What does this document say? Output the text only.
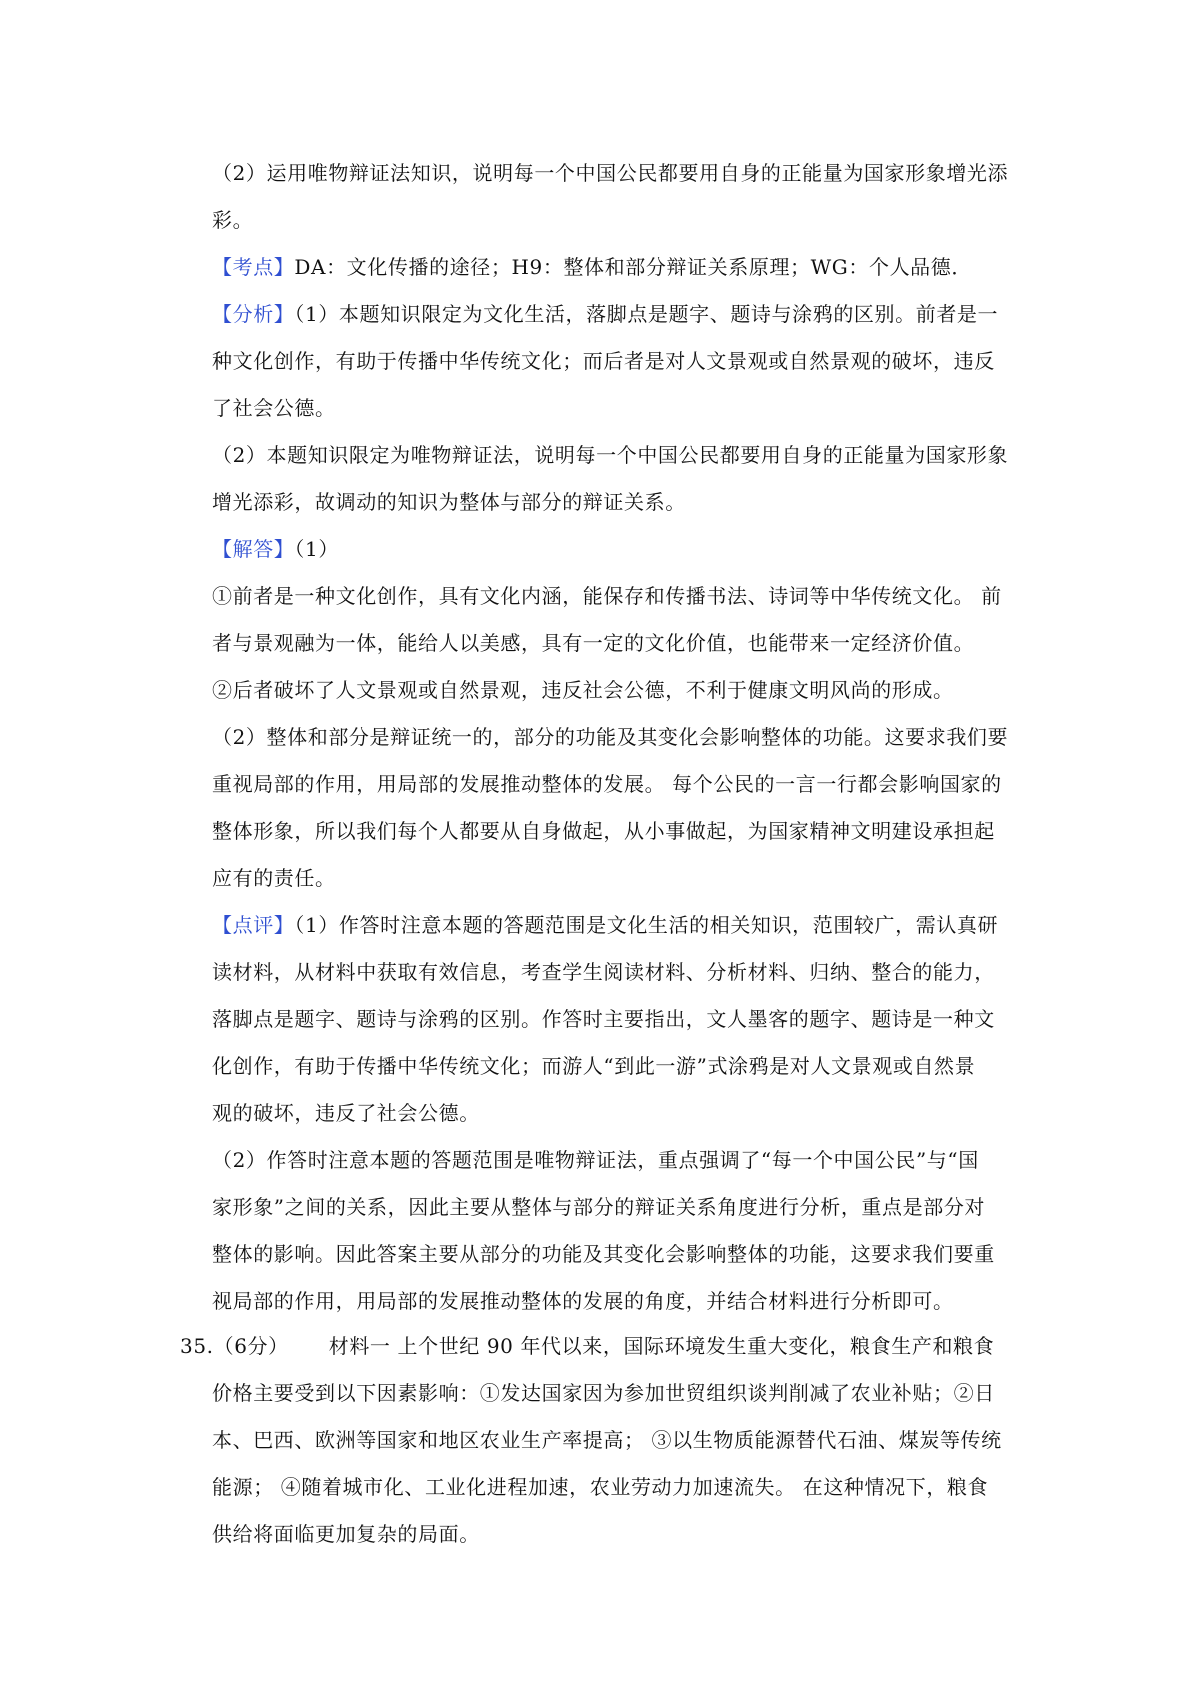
（2）运用唯物辩证法知识，说明每一个中国公民都要用自身的正能量为国家形象增光添
彩。
【考点】DA：文化传播的途径；H9：整体和部分辩证关系原理；WG：个人品德．
【分析】（1）本题知识限定为文化生活，落脚点是题字、题诗与涂鸦的区别。前者是一
种文化创作，有助于传播中华传统文化；而后者是对人文景观或自然景观的破坏，违反
了社会公德。
（2）本题知识限定为唯物辩证法，说明每一个中国公民都要用自身的正能量为国家形象
增光添彩，故调动的知识为整体与部分的辩证关系。
【解答】（1）
①前者是一种文化创作，具有文化内涵，能保存和传播书法、诗词等中华传统文化。 前
者与景观融为一体，能给人以美感，具有一定的文化价值，也能带来一定经济价值。
②后者破坏了人文景观或自然景观，违反社会公德，不利于健康文明风尚的形成。
（2）整体和部分是辩证统一的，部分的功能及其变化会影响整体的功能。这要求我们要
重视局部的作用，用局部的发展推动整体的发展。 每个公民的一言一行都会影响国家的
整体形象，所以我们每个人都要从自身做起，从小事做起，为国家精神文明建设承担起
应有的责任。
【点评】（1）作答时注意本题的答题范围是文化生活的相关知识，范围较广，需认真研
读材料，从材料中获取有效信息，考查学生阅读材料、分析材料、归纳、整合的能力，
落脚点是题字、题诗与涂鸦的区别。作答时主要指出，文人墨客的题字、题诗是一种文
化创作，有助于传播中华传统文化；而游人“到此一游”式涂鸦是对人文景观或自然景
观的破坏，违反了社会公德。
（2）作答时注意本题的答题范围是唯物辩证法，重点强调了“每一个中国公民”与“国
家形象”之间的关系，因此主要从整体与部分的辩证关系角度进行分析，重点是部分对
整体的影响。因此答案主要从部分的功能及其变化会影响整体的功能，这要求我们要重
视局部的作用，用局部的发展推动整体的发展的角度，并结合材料进行分析即可。
35.（6分） 材料一 上个世纪 90 年代以来，国际环境发生重大变化，粮食生产和粮食
价格主要受到以下因素影响：①发达国家因为参加世贸组织谈判削减了农业补贴；②日
本、巴西、欧洲等国家和地区农业生产率提高； ③以生物质能源替代石油、煤炭等传统
能源； ④随着城市化、工业化进程加速，农业劳动力加速流失。 在这种情况下，粮食
供给将面临更加复杂的局面。
